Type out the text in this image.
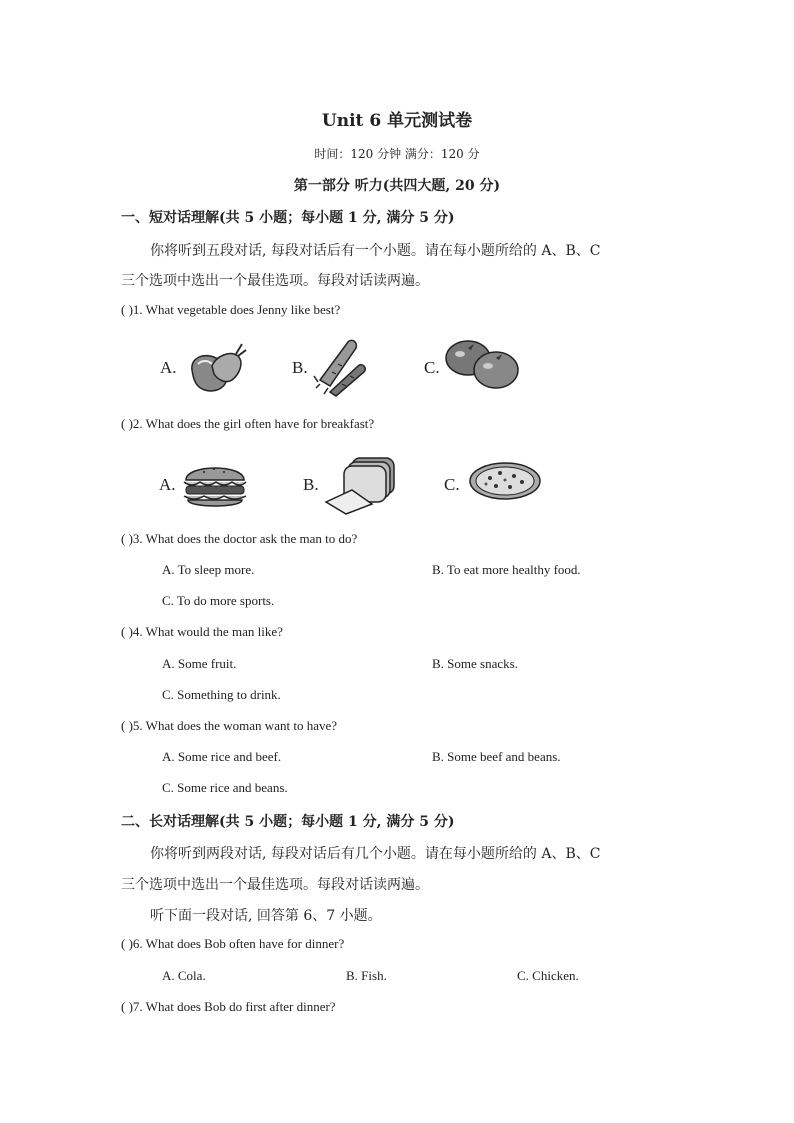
Unit 6 单元测试卷
时间：120 分钟 满分：120 分
第一部分 听力(共四大题, 20 分)
一、短对话理解(共 5 小题；每小题 1 分, 满分 5 分)
你将听到五段对话, 每段对话后有一个小题。请在每小题所给的 A、B、C
三个选项中选出一个最佳选项。每段对话读两遍。
( )1. What vegetable does Jenny like best?
A.	B.	C.
( )2. What does the girl often have for breakfast?
A.	B.	C.
( )3. What does the doctor ask the man to do?
A. To sleep more.	B. To eat more healthy food.
C. To do more sports.
( )4. What would the man like?
A. Some fruit.	B. Some snacks.
C. Something to drink.
( )5. What does the woman want to have?
A. Some rice and beef.	B. Some beef and beans.
C. Some rice and beans.
二、长对话理解(共 5 小题；每小题 1 分, 满分 5 分)
你将听到两段对话, 每段对话后有几个小题。请在每小题所给的 A、B、C
三个选项中选出一个最佳选项。每段对话读两遍。
听下面一段对话, 回答第 6、7 小题。
( )6. What does Bob often have for dinner?
A. Cola.	B. Fish.	C. Chicken.
( )7. What does Bob do first after dinner?
